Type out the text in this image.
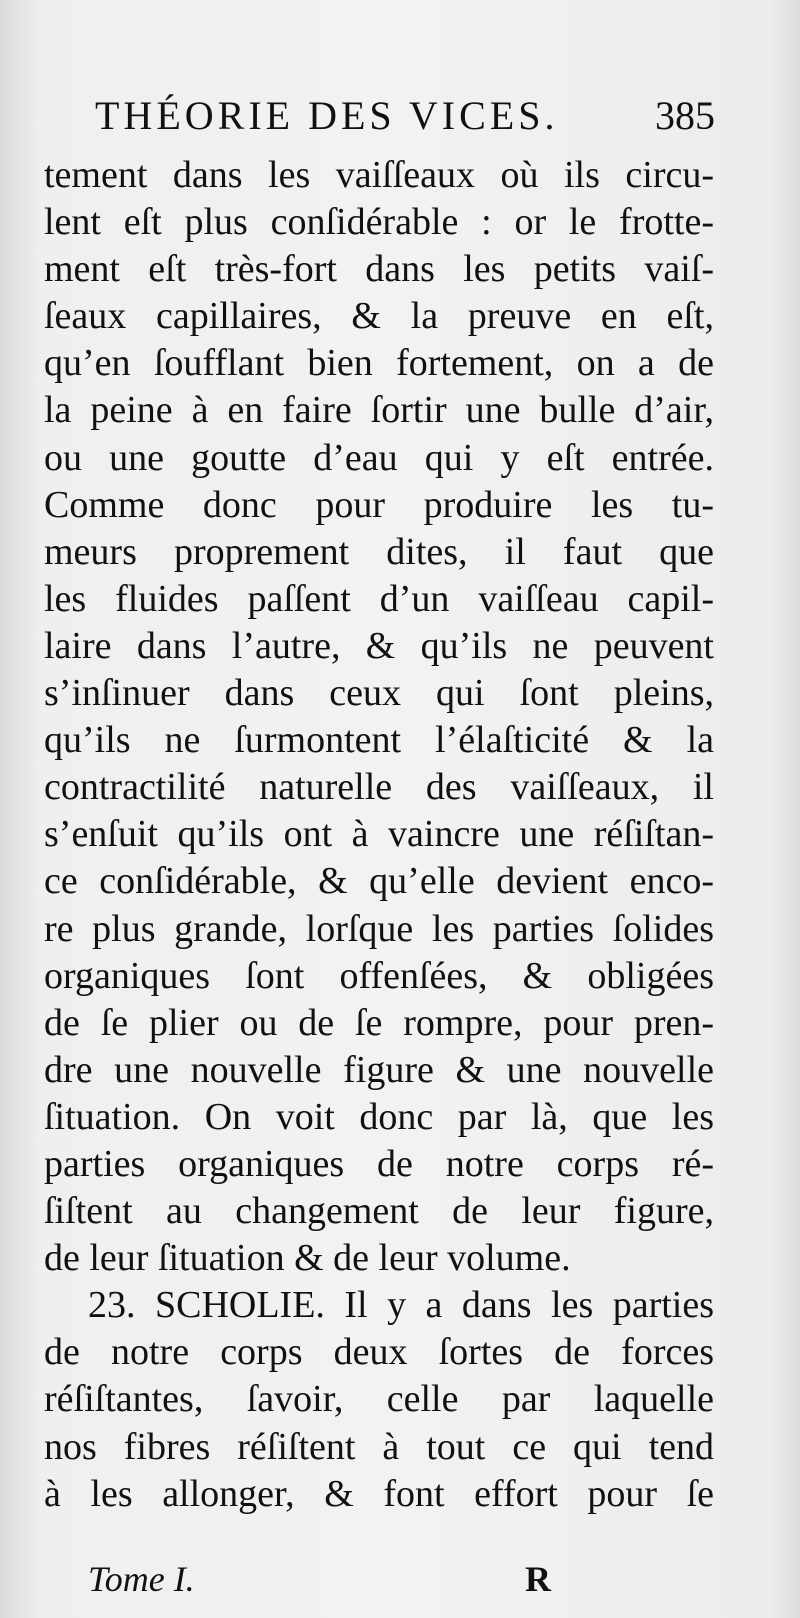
THÉORIE DES VICES. 385
tement dans les vaiſſeaux où ils circu-
lent eſt plus conſidérable : or le frotte-
ment eſt très-fort dans les petits vaiſ-
ſeaux capillaires, & la preuve en eſt,
qu’en ſoufflant bien fortement, on a de
la peine à en faire ſortir une bulle d’air,
ou une goutte d’eau qui y eſt entrée.
Comme donc pour produire les tu-
meurs proprement dites, il faut que
les fluides paſſent d’un vaiſſeau capil-
laire dans l’autre, & qu’ils ne peuvent
s’inſinuer dans ceux qui ſont pleins,
qu’ils ne ſurmontent l’élaſticité & la
contractilité naturelle des vaiſſeaux, il
s’enſuit qu’ils ont à vaincre une réſiſtan-
ce conſidérable, & qu’elle devient enco-
re plus grande, lorſque les parties ſolides
organiques ſont offenſées, & obligées
de ſe plier ou de ſe rompre, pour pren-
dre une nouvelle figure & une nouvelle
ſituation. On voit donc par là, que les
parties organiques de notre corps ré-
ſiſtent au changement de leur figure,
de leur ſituation & de leur volume.
23. SCHOLIE. Il y a dans les parties
de notre corps deux ſortes de forces
réſiſtantes, ſavoir, celle par laquelle
nos fibres réſiſtent à tout ce qui tend
à les allonger, & font effort pour ſe
Tome I.	R
